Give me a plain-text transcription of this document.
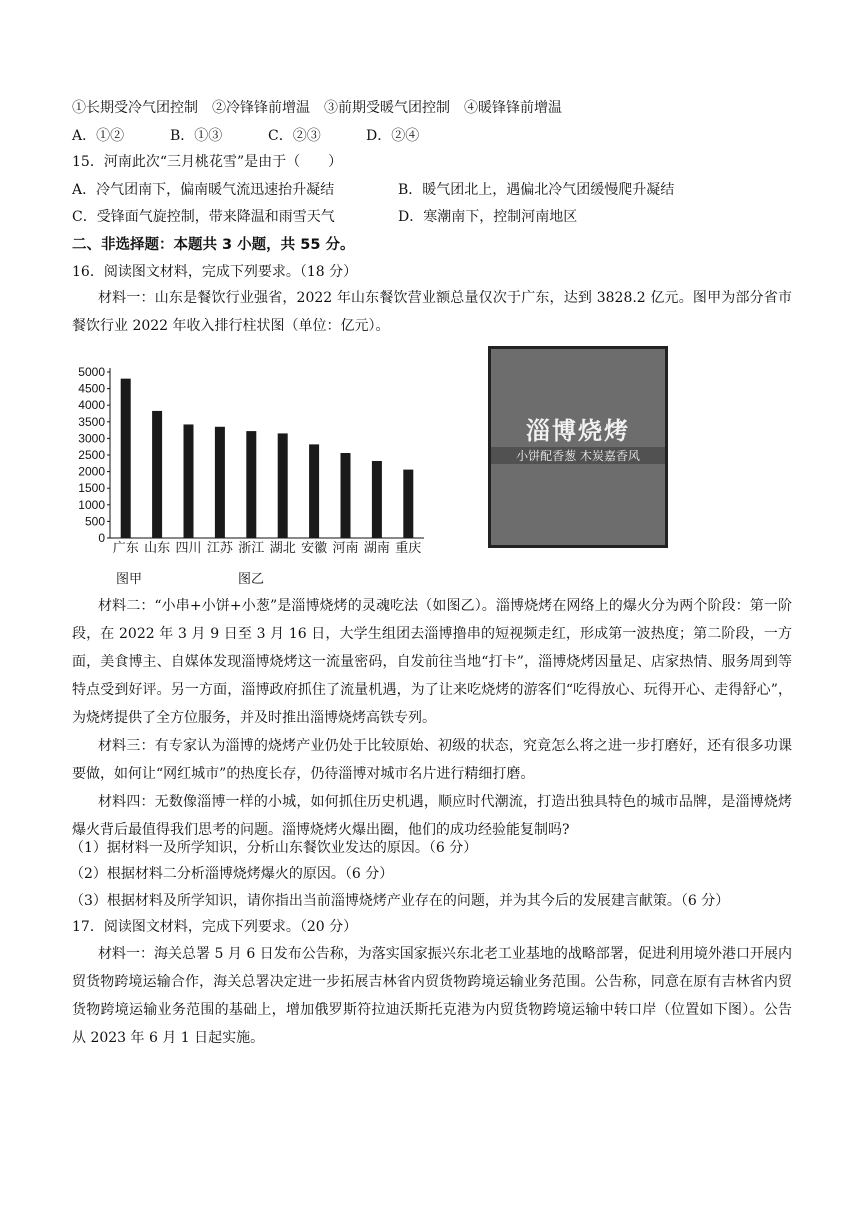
①长期受冷气团控制　②冷锋锋前增温　③前期受暖气团控制　④暖锋锋前增温
A．①②	B．①③	C．②③	D．②④
15．河南此次“三月桃花雪”是由于（　　）
A．冷气团南下，偏南暖气流迅速抬升凝结	B．暖气团北上，遇偏北冷气团缓慢爬升凝结
C．受锋面气旋控制，带来降温和雨雪天气	D．寒潮南下，控制河南地区
二、非选择题：本题共 3 小题，共 55 分。
16．阅读图文材料，完成下列要求。（18 分）
材料一：山东是餐饮行业强省，2022 年山东餐饮营业额总量仅次于广东，达到 3828.2 亿元。图甲为部分省市餐饮行业 2022 年收入排行柱状图（单位：亿元）。
0
500
1000
1500
2000
2500
3000
3500
4000
4500
5000
广东 山东 四川 江苏 浙江 湖北 安徽 河南 湖南 重庆
淄博烧烤
小饼配香葱 木炭嘉香风
图甲	图乙
材料二：“小串+小饼+小葱”是淄博烧烤的灵魂吃法（如图乙）。淄博烧烤在网络上的爆火分为两个阶段：第一阶段，在 2022 年 3 月 9 日至 3 月 16 日，大学生组团去淄博撸串的短视频走红，形成第一波热度；第二阶段，一方面，美食博主、自媒体发现淄博烧烤这一流量密码，自发前往当地“打卡”，淄博烧烤因量足、店家热情、服务周到等特点受到好评。另一方面，淄博政府抓住了流量机遇，为了让来吃烧烤的游客们“吃得放心、玩得开心、走得舒心”，为烧烤提供了全方位服务，并及时推出淄博烧烤高铁专列。
材料三：有专家认为淄博的烧烤产业仍处于比较原始、初级的状态，究竟怎么将之进一步打磨好，还有很多功课要做，如何让“网红城市”的热度长存，仍待淄博对城市名片进行精细打磨。
材料四：无数像淄博一样的小城，如何抓住历史机遇，顺应时代潮流，打造出独具特色的城市品牌，是淄博烧烤爆火背后最值得我们思考的问题。淄博烧烤火爆出圈，他们的成功经验能复制吗?
（1）据材料一及所学知识，分析山东餐饮业发达的原因。（6 分）
（2）根据材料二分析淄博烧烤爆火的原因。（6 分）
（3）根据材料及所学知识，请你指出当前淄博烧烤产业存在的问题，并为其今后的发展建言献策。（6 分）
17．阅读图文材料，完成下列要求。（20 分）
材料一：海关总署 5 月 6 日发布公告称，为落实国家振兴东北老工业基地的战略部署，促进利用境外港口开展内贸货物跨境运输合作，海关总署决定进一步拓展吉林省内贸货物跨境运输业务范围。公告称，同意在原有吉林省内贸货物跨境运输业务范围的基础上，增加俄罗斯符拉迪沃斯托克港为内贸货物跨境运输中转口岸（位置如下图）。公告从 2023 年 6 月 1 日起实施。
